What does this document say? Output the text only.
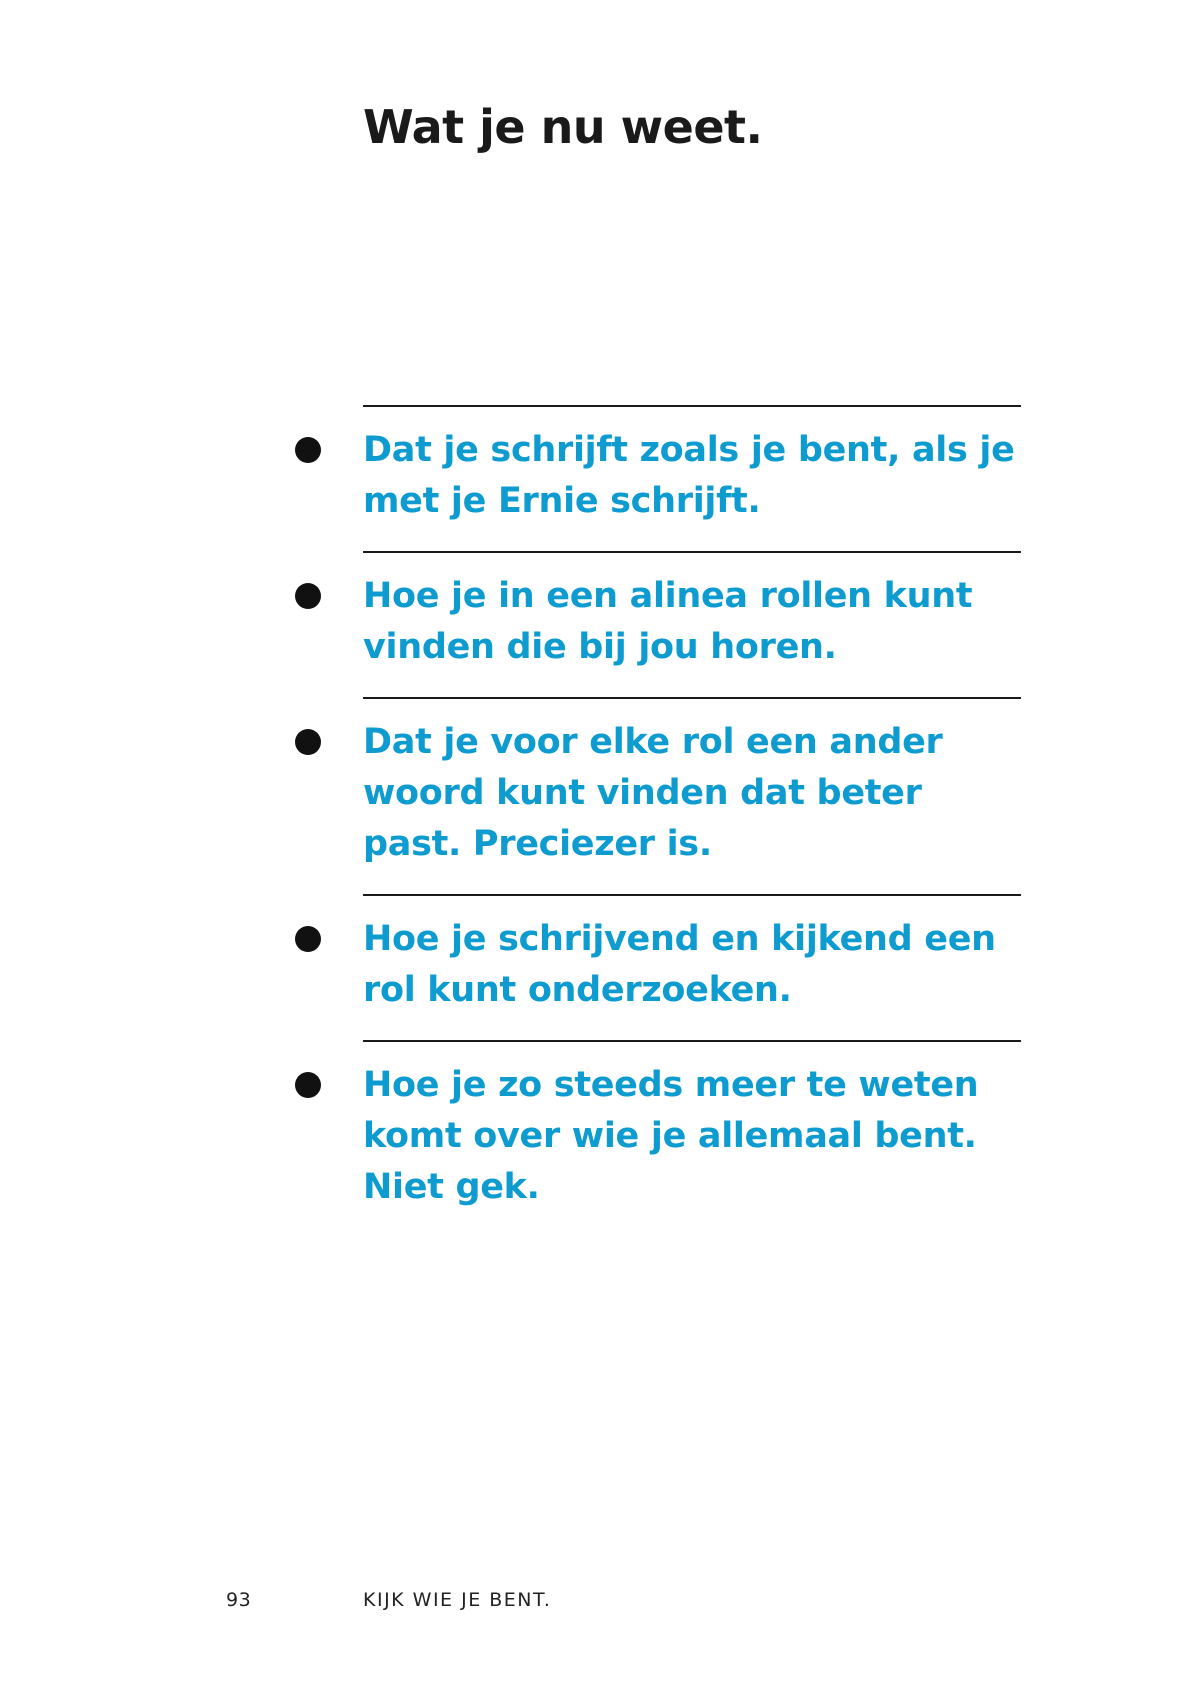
Wat je nu weet.
Dat je schrijft zoals je bent, als je met je Ernie schrijft.
Hoe je in een alinea rollen kunt vinden die bij jou horen.
Dat je voor elke rol een ander woord kunt vinden dat beter past. Preciezer is.
Hoe je schrijvend en kijkend een rol kunt onderzoeken.
Hoe je zo steeds meer te weten komt over wie je allemaal bent. Niet gek.
93	KIJK WIE JE BENT.
